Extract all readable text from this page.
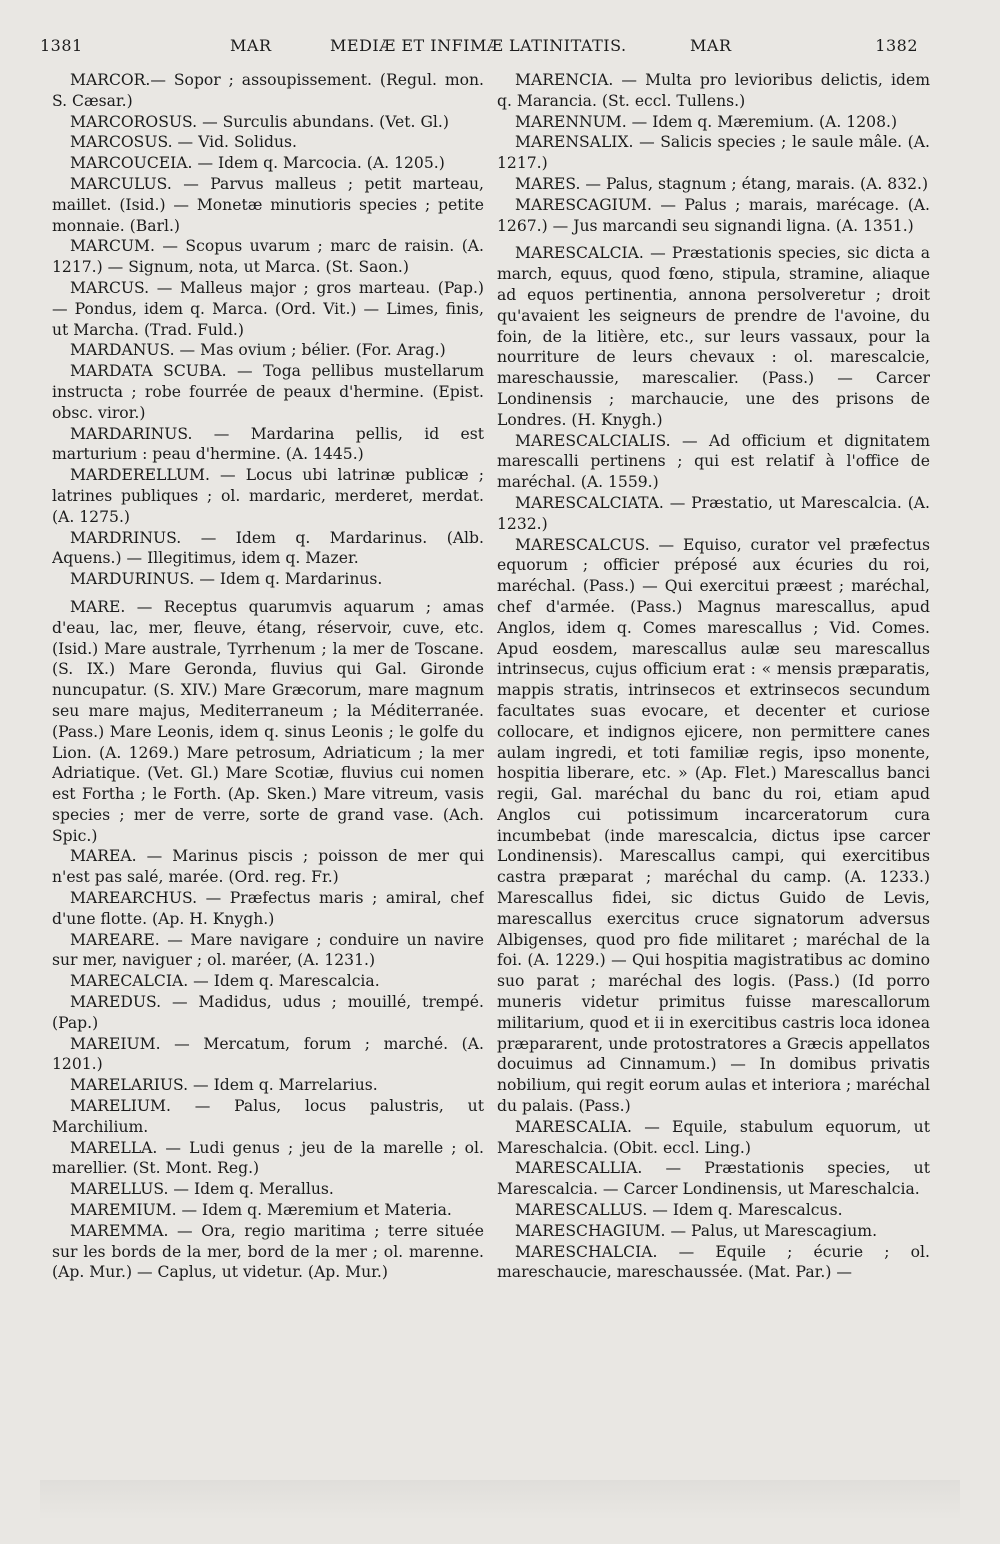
1381	MAR	MEDIÆ ET INFIMÆ LATINITATIS.	MAR	1382

MARCOR.— Sopor ; assoupissement. (Regul. mon. S. Cæsar.)

MARCOROSUS. — Surculis abundans. (Vet. Gl.)

MARCOSUS. — Vid. Solidus.

MARCOUCEIA. — Idem q. Marcocia. (A. 1205.)

MARCULUS. — Parvus malleus ; petit marteau, maillet. (Isid.) — Monetæ minutioris species ; petite monnaie. (Barl.)

MARCUM. — Scopus uvarum ; marc de raisin. (A. 1217.) — Signum, nota, ut Marca. (St. Saon.)

MARCUS. — Malleus major ; gros marteau. (Pap.) — Pondus, idem q. Marca. (Ord. Vit.) — Limes, finis, ut Marcha. (Trad. Fuld.)

MARDANUS. — Mas ovium ; bélier. (For. Arag.)

MARDATA SCUBA. — Toga pellibus mustellarum instructa ; robe fourrée de peaux d'hermine. (Epist. obsc. viror.)

MARDARINUS. — Mardarina pellis, id est marturium : peau d'hermine. (A. 1445.)

MARDERELLUM. — Locus ubi latrinæ publicæ ; latrines publiques ; ol. mardaric, merderet, merdat. (A. 1275.)

MARDRINUS. — Idem q. Mardarinus. (Alb. Aquens.) — Illegitimus, idem q. Mazer.

MARDURINUS. — Idem q. Mardarinus.

MARE. — Receptus quarumvis aquarum ; amas d'eau, lac, mer, fleuve, étang, réservoir, cuve, etc. (Isid.) Mare australe, Tyrrhenum ; la mer de Toscane. (S. IX.) Mare Geronda, fluvius qui Gal. Gironde nuncupatur. (S. XIV.) Mare Græcorum, mare magnum seu mare majus, Mediterraneum ; la Méditerranée. (Pass.) Mare Leonis, idem q. sinus Leonis ; le golfe du Lion. (A. 1269.) Mare petrosum, Adriaticum ; la mer Adriatique. (Vet. Gl.) Mare Scotiæ, fluvius cui nomen est Fortha ; le Forth. (Ap. Sken.) Mare vitreum, vasis species ; mer de verre, sorte de grand vase. (Ach. Spic.)

MAREA. — Marinus piscis ; poisson de mer qui n'est pas salé, marée. (Ord. reg. Fr.)

MAREARCHUS. — Præfectus maris ; amiral, chef d'une flotte. (Ap. H. Knygh.)

MAREARE. — Mare navigare ; conduire un navire sur mer, naviguer ; ol. maréer, (A. 1231.)

MARECALCIA. — Idem q. Marescalcia.

MAREDUS. — Madidus, udus ; mouillé, trempé. (Pap.)

MAREIUM. — Mercatum, forum ; marché. (A. 1201.)

MARELARIUS. — Idem q. Marrelarius.

MARELIUM. — Palus, locus palustris, ut Marchilium.

MARELLA. — Ludi genus ; jeu de la marelle ; ol. marellier. (St. Mont. Reg.)

MARELLUS. — Idem q. Merallus.

MAREMIUM. — Idem q. Mæremium et Materia.

MAREMMA. — Ora, regio maritima ; terre située sur les bords de la mer, bord de la mer ; ol. marenne. (Ap. Mur.) — Caplus, ut videtur. (Ap. Mur.)

MARENCIA. — Multa pro levioribus delictis, idem q. Marancia. (St. eccl. Tullens.)

MARENNUM. — Idem q. Mæremium. (A. 1208.)

MARENSALIX. — Salicis species ; le saule mâle. (A. 1217.)

MARES. — Palus, stagnum ; étang, marais. (A. 832.)

MARESCAGIUM. — Palus ; marais, marécage. (A. 1267.) — Jus marcandi seu signandi ligna. (A. 1351.)

MARESCALCIA. — Præstationis species, sic dicta a march, equus, quod fœno, stipula, stramine, aliaque ad equos pertinentia, annona persolveretur ; droit qu'avaient les seigneurs de prendre de l'avoine, du foin, de la litière, etc., sur leurs vassaux, pour la nourriture de leurs chevaux : ol. marescalcie, mareschaussie, marescalier. (Pass.) — Carcer Londinensis ; marchaucie, une des prisons de Londres. (H. Knygh.)

MARESCALCIALIS. — Ad officium et dignitatem marescalli pertinens ; qui est relatif à l'office de maréchal. (A. 1559.)

MARESCALCIATA. — Præstatio, ut Marescalcia. (A. 1232.)

MARESCALCUS. — Equiso, curator vel præfectus equorum ; officier préposé aux écuries du roi, maréchal. (Pass.) — Qui exercitui præest ; maréchal, chef d'armée. (Pass.) Magnus marescallus, apud Anglos, idem q. Comes marescallus ; Vid. Comes. Apud eosdem, marescallus aulæ seu marescallus intrinsecus, cujus officium erat : « mensis præparatis, mappis stratis, intrinsecos et extrinsecos secundum facultates suas evocare, et decenter et curiose collocare, et indignos ejicere, non permittere canes aulam ingredi, et toti familiæ regis, ipso monente, hospitia liberare, etc. » (Ap. Flet.) Marescallus banci regii, Gal. maréchal du banc du roi, etiam apud Anglos cui potissimum incarceratorum cura incumbebat (inde marescalcia, dictus ipse carcer Londinensis). Marescallus campi, qui exercitibus castra præparat ; maréchal du camp. (A. 1233.) Marescallus fidei, sic dictus Guido de Levis, marescallus exercitus cruce signatorum adversus Albigenses, quod pro fide militaret ; maréchal de la foi. (A. 1229.) — Qui hospitia magistratibus ac domino suo parat ; maréchal des logis. (Pass.) (Id porro muneris videtur primitus fuisse marescallorum militarium, quod et ii in exercitibus castris loca idonea præpararent, unde protostratores a Græcis appellatos docuimus ad Cinnamum.) — In domibus privatis nobilium, qui regit eorum aulas et interiora ; maréchal du palais. (Pass.)

MARESCALIA. — Equile, stabulum equorum, ut Mareschalcia. (Obit. eccl. Ling.)

MARESCALLIA. — Præstationis species, ut Marescalcia. — Carcer Londinensis, ut Mareschalcia.

MARESCALLUS. — Idem q. Marescalcus.

MARESCHAGIUM. — Palus, ut Marescagium.

MARESCHALCIA. — Equile ; écurie ; ol. mareschaucie, mareschaussée. (Mat. Par.) —
